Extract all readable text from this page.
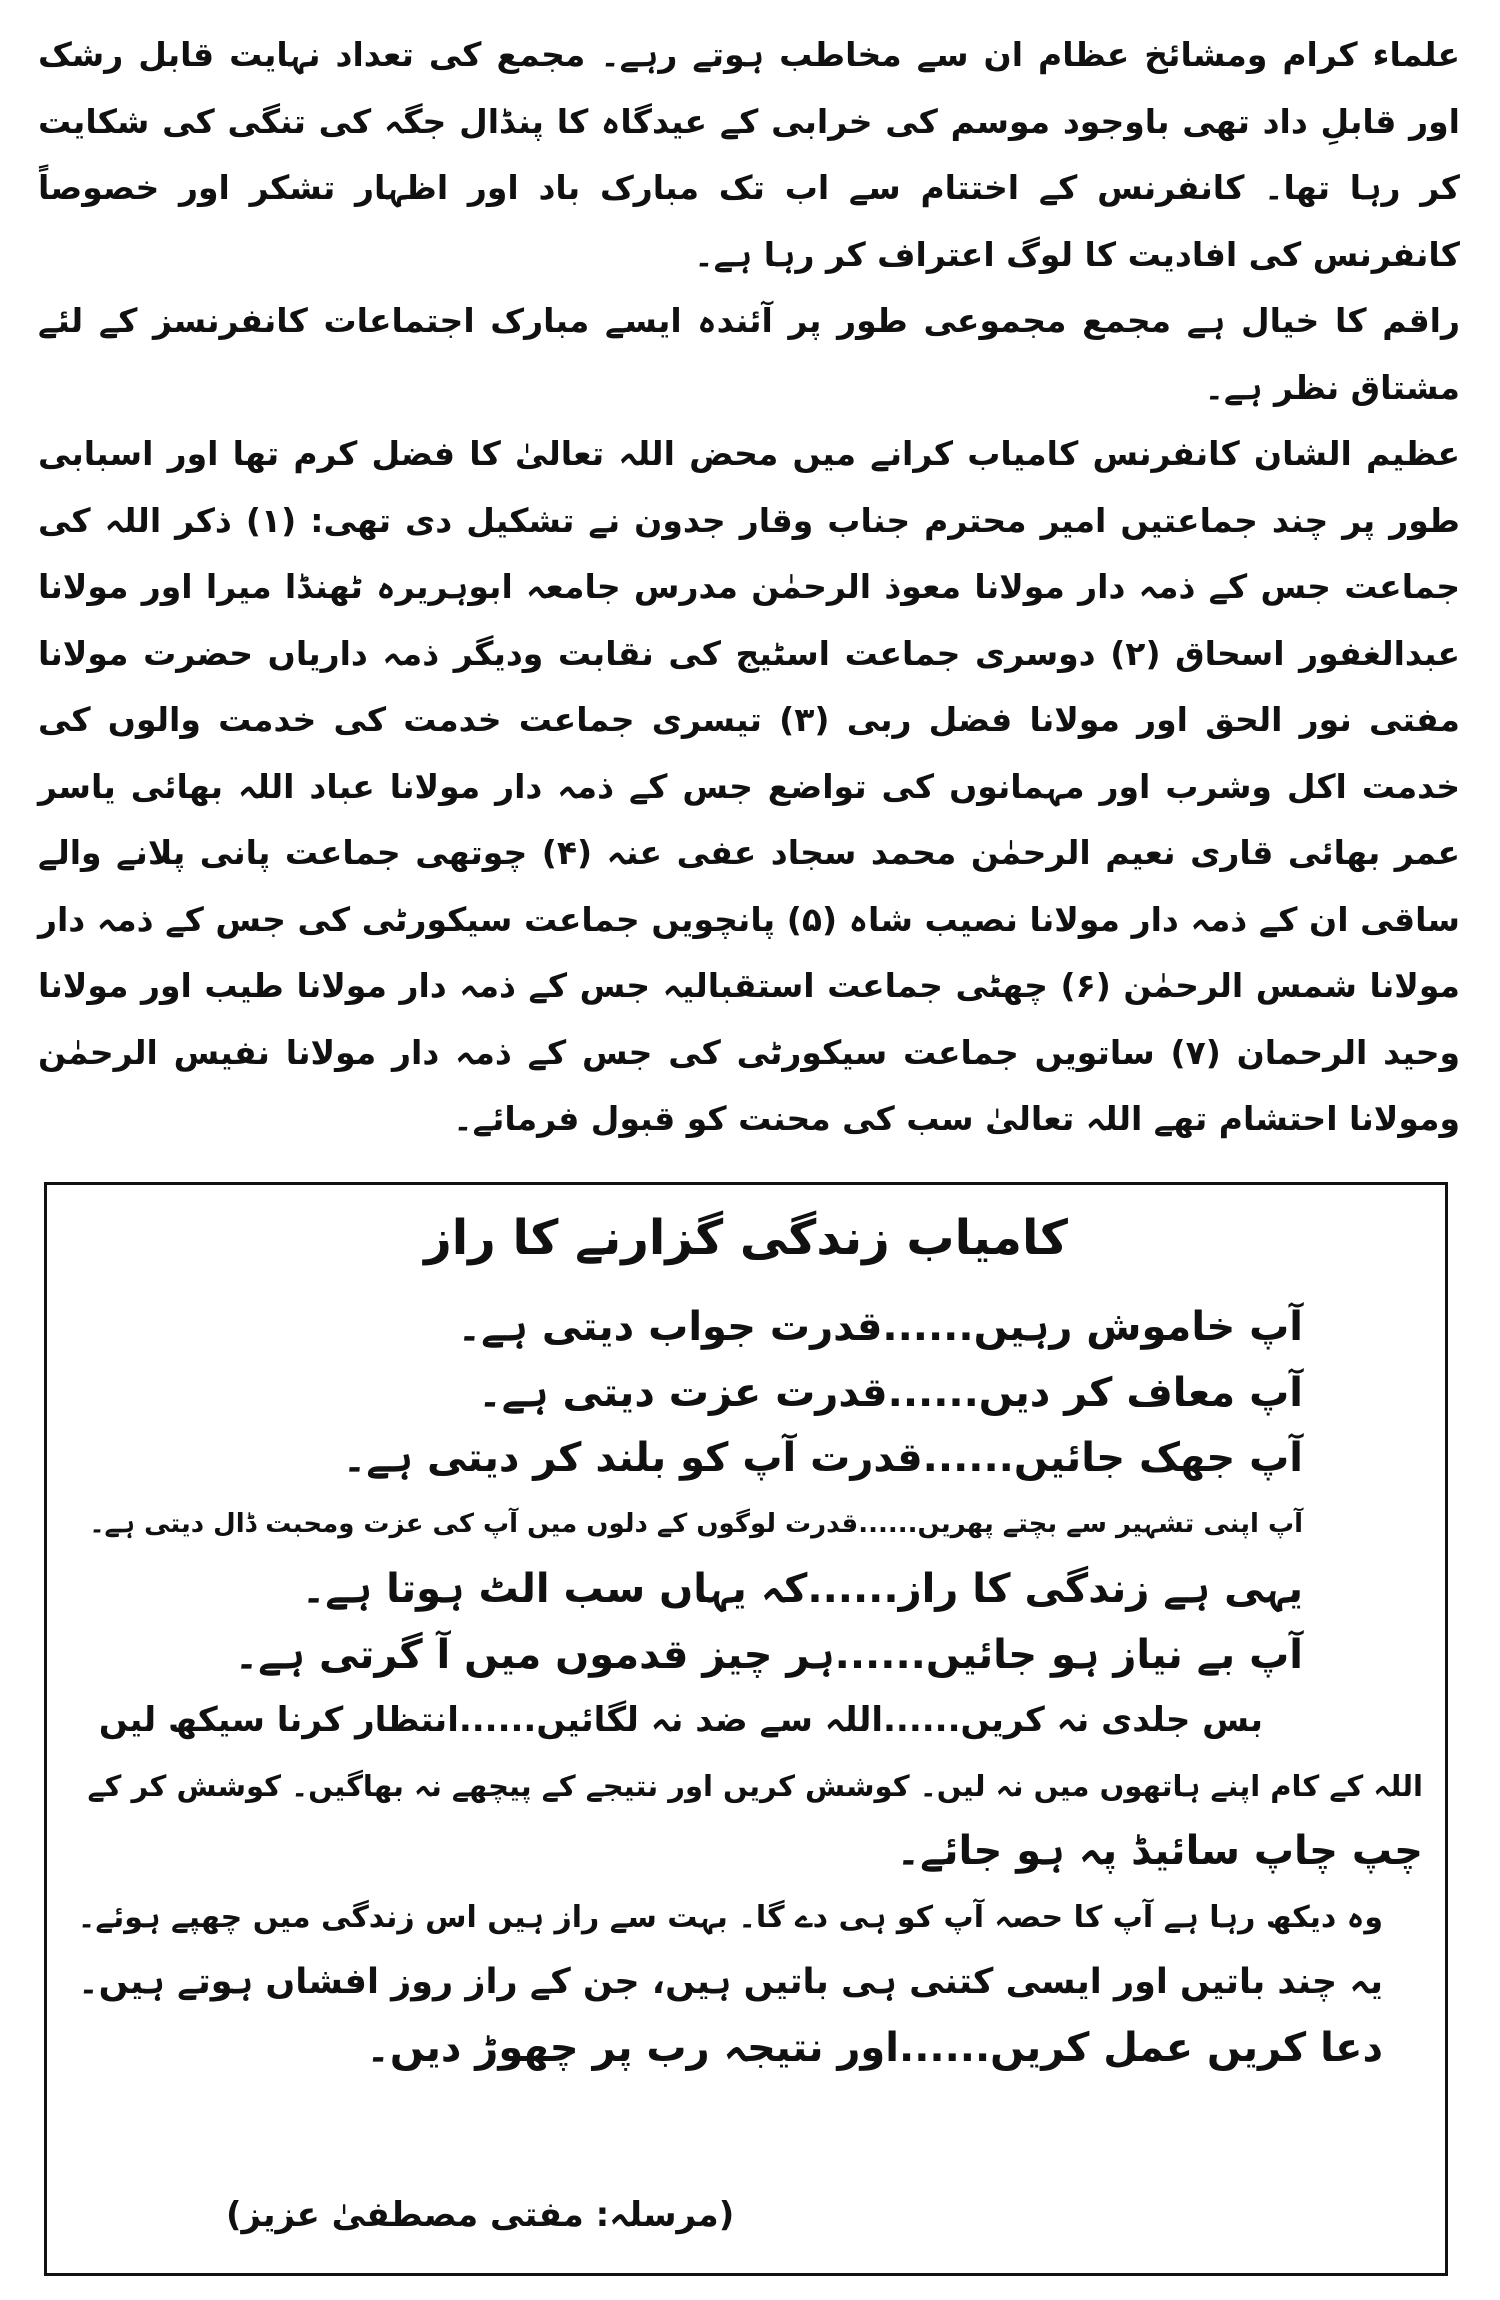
علماء کرام ومشائخ عظام ان سے مخاطب ہوتے رہے۔ مجمع کی تعداد نہایت قابل رشک اور قابلِ داد تھی باوجود موسم کی خرابی کے عیدگاہ کا پنڈال جگہ کی تنگی کی شکایت کر رہا تھا۔ کانفرنس کے اختتام سے اب تک مبارک باد اور اظہار تشکر اور خصوصاً کانفرنس کی افادیت کا لوگ اعتراف کر رہا ہے۔

راقم کا خیال ہے مجمع مجموعی طور پر آئندہ ایسے مبارک اجتماعات کانفرنسز کے لئے مشتاق نظر ہے۔

عظیم الشان کانفرنس کامیاب کرانے میں محض اللہ تعالیٰ کا فضل کرم تھا اور اسبابی طور پر چند جماعتیں امیر محترم جناب وقار جدون نے تشکیل دی تھی: (۱) ذکر اللہ کی جماعت جس کے ذمہ دار مولانا معوذ الرحمٰن مدرس جامعہ ابوہریرہ ٹھنڈا میرا اور مولانا عبدالغفور اسحاق (۲) دوسری جماعت اسٹیج کی نقابت ودیگر ذمہ داریاں حضرت مولانا مفتی نور الحق اور مولانا فضل ربی (۳) تیسری جماعت خدمت کی خدمت والوں کی خدمت اکل وشرب اور مہمانوں کی تواضع جس کے ذمہ دار مولانا عباد اللہ بھائی یاسر عمر بھائی قاری نعیم الرحمٰن محمد سجاد عفی عنہ (۴) چوتھی جماعت پانی پلانے والے ساقی ان کے ذمہ دار مولانا نصیب شاہ (۵) پانچویں جماعت سیکورٹی کی جس کے ذمہ دار مولانا شمس الرحمٰن (۶) چھٹی جماعت استقبالیہ جس کے ذمہ دار مولانا طیب اور مولانا وحید الرحمان (۷) ساتویں جماعت سیکورٹی کی جس کے ذمہ دار مولانا نفیس الرحمٰن ومولانا احتشام تھے اللہ تعالیٰ سب کی محنت کو قبول فرمائے۔

کامیاب زندگی گزارنے کا راز

آپ خاموش رہیں......قدرت جواب دیتی ہے۔

آپ معاف کر دیں......قدرت عزت دیتی ہے۔

آپ جھک جائیں......قدرت آپ کو بلند کر دیتی ہے۔

آپ اپنی تشہیر سے بچتے پھریں......قدرت لوگوں کے دلوں میں آپ کی عزت ومحبت ڈال دیتی ہے۔

یہی ہے زندگی کا راز......کہ یہاں سب الٹ ہوتا ہے۔

آپ بے نیاز ہو جائیں......ہر چیز قدموں میں آ گرتی ہے۔

بس جلدی نہ کریں......اللہ سے ضد نہ لگائیں......انتظار کرنا سیکھ لیں

اللہ کے کام اپنے ہاتھوں میں نہ لیں۔ کوشش کریں اور نتیجے کے پیچھے نہ بھاگیں۔ کوشش کر کے

چپ چاپ سائیڈ پہ ہو جائے۔

وہ دیکھ رہا ہے آپ کا حصہ آپ کو ہی دے گا۔ بہت سے راز ہیں اس زندگی میں چھپے ہوئے۔

یہ چند باتیں اور ایسی کتنی ہی باتیں ہیں، جن کے راز روز افشاں ہوتے ہیں۔

دعا کریں عمل کریں......اور نتیجہ رب پر چھوڑ دیں۔

(مرسلہ: مفتی مصطفیٰ عزیز)
